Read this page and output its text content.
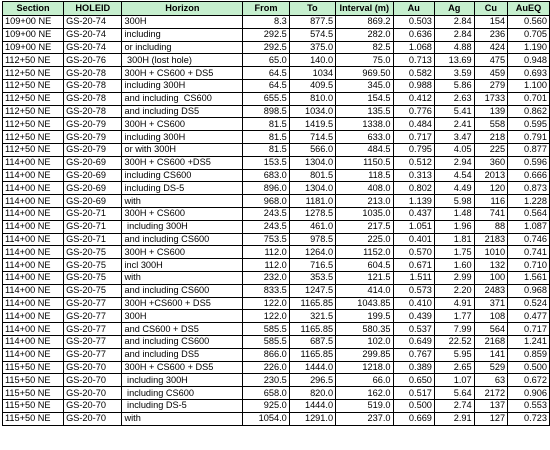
Section	HOLEID	Horizon	From	To	Interval (m)	Au	Ag	Cu	AuEQ
109+00 NE	GS-20-74	300H	8.3	877.5	869.2	0.503	2.84	154	0.560
109+00 NE	GS-20-74	including	292.5	574.5	282.0	0.636	2.84	236	0.705
109+00 NE	GS-20-74	or including	292.5	375.0	82.5	1.068	4.88	424	1.190
112+50 NE	GS-20-76	300H (lost hole)	65.0	140.0	75.0	0.713	13.69	475	0.948
112+50 NE	GS-20-78	300H + CS600 + DS5	64.5	1034	969.50	0.582	3.59	459	0.693
112+50 NE	GS-20-78	including 300H	64.5	409.5	345.0	0.988	5.86	279	1.100
112+50 NE	GS-20-78	and including  CS600	655.5	810.0	154.5	0.412	2.63	1733	0.701
112+50 NE	GS-20-78	and including DS5	898.5	1034.0	135.5	0.776	5.41	139	0.862
112+50 NE	GS-20-79	300H + CS600	81.5	1419.5	1338.0	0.484	2.41	558	0.595
112+50 NE	GS-20-79	including 300H	81.5	714.5	633.0	0.717	3.47	218	0.791
112+50 NE	GS-20-79	or with 300H	81.5	566.0	484.5	0.795	4.05	225	0.877
114+00 NE	GS-20-69	300H + CS600 +DS5	153.5	1304.0	1150.5	0.512	2.94	360	0.596
114+00 NE	GS-20-69	including CS600	683.0	801.5	118.5	0.313	4.54	2013	0.666
114+00 NE	GS-20-69	including DS-5	896.0	1304.0	408.0	0.802	4.49	120	0.873
114+00 NE	GS-20-69	with	968.0	1181.0	213.0	1.139	5.98	116	1.228
114+00 NE	GS-20-71	300H + CS600	243.5	1278.5	1035.0	0.437	1.48	741	0.564
114+00 NE	GS-20-71	including 300H	243.5	461.0	217.5	1.051	1.96	88	1.087
114+00 NE	GS-20-71	and including CS600	753.5	978.5	225.0	0.401	1.81	2183	0.746
114+00 NE	GS-20-75	300H + CS600	112.0	1264.0	1152.0	0.570	1.75	1010	0.741
114+00 NE	GS-20-75	incl 300H	112.0	716.5	604.5	0.671	1.60	132	0.710
114+00 NE	GS-20-75	with	232.0	353.5	121.5	1.511	2.99	100	1.561
114+00 NE	GS-20-75	and including CS600	833.5	1247.5	414.0	0.573	2.20	2483	0.968
114+00 NE	GS-20-77	300H +CS600 + DS5	122.0	1165.85	1043.85	0.410	4.91	371	0.524
114+00 NE	GS-20-77	300H	122.0	321.5	199.5	0.439	1.77	108	0.477
114+00 NE	GS-20-77	and CS600 + DS5	585.5	1165.85	580.35	0.537	7.99	564	0.717
114+00 NE	GS-20-77	and including CS600	585.5	687.5	102.0	0.649	22.52	2168	1.241
114+00 NE	GS-20-77	and including DS5	866.0	1165.85	299.85	0.767	5.95	141	0.859
115+50 NE	GS-20-70	300H + CS600 + DS5	226.0	1444.0	1218.0	0.389	2.65	529	0.500
115+50 NE	GS-20-70	including 300H	230.5	296.5	66.0	0.650	1.07	63	0.672
115+50 NE	GS-20-70	including CS600	658.0	820.0	162.0	0.517	5.64	2172	0.906
115+50 NE	GS-20-70	including DS-5	925.0	1444.0	519.0	0.500	2.74	137	0.553
115+50 NE	GS-20-70	with	1054.0	1291.0	237.0	0.669	2.91	127	0.723
